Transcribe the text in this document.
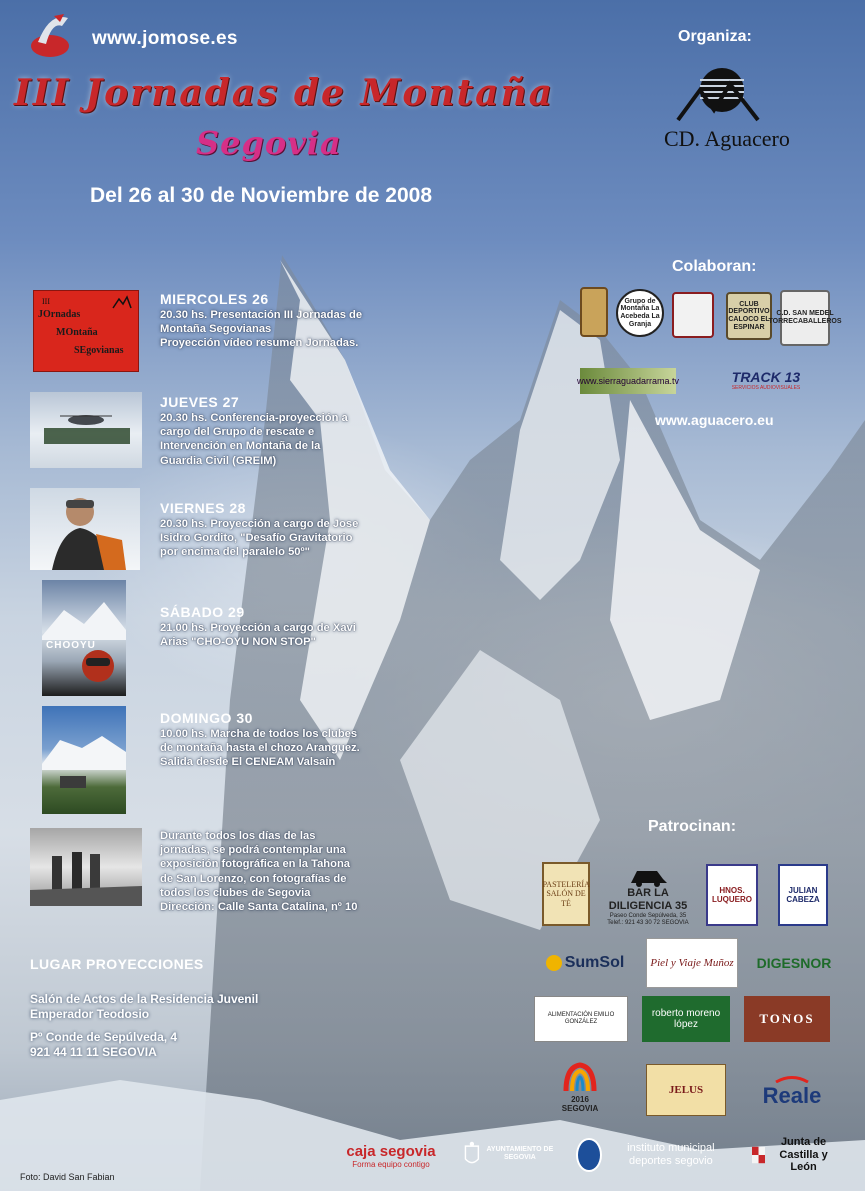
www.jomose.es
III Jornadas de Montaña
Segovia
Del 26 al 30 de Noviembre de 2008
Organiza:
CD. Aguacero
Colaboran:
Grupo de Montaña La Acebeda La Granja
CLUB DEPORTIVO CALOCO EL ESPINAR
C.D. SAN MEDEL TORRECABALLEROS
www.sierraguadarrama.tv	TRACK 13
SERVICIOS AUDIOVISUALES
www.aguacero.eu
III
JOrnadas
MOntaña
SEgovianas
MIERCOLES 26
20.30 hs. Presentación III Jornadas de
Montaña Segovianas
Proyección vídeo resumen Jornadas.
JUEVES 27
20.30 hs. Conferencia-proyección a
cargo del Grupo de rescate e
Intervención en Montaña de la
Guardia Civil (GREIM)
VIERNES 28
20.30 hs. Proyección a cargo de Jose
Isidro Gordito, "Desafío Gravitatorio
por encima del paralelo 50º"
CHOOYU
SÁBADO 29
21.00 hs. Proyección a cargo de Xavi
Arias "CHO-OYU NON STOP"
DOMINGO 30
10.00 hs. Marcha de todos los clubes
de montaña hasta el chozo Aranguez.
Salida desde El CENEAM Valsaín
Durante todos los días de las
jornadas, se podrá contemplar una
exposición fotográfica en la Tahona
de San Lorenzo, con fotografías de
todos los clubes de Segovia
Dirección: Calle Santa Catalina, nº 10
LUGAR PROYECCIONES
Salón de Actos de la Residencia Juvenil
Emperador Teodosio
Pº Conde de Sepúlveda, 4
921 44 11 11 SEGOVIA
Patrocinan:
PASTELERÍA SALÓN DE TÉ
BAR LA DILIGENCIA 35
Paseo Conde Sepúlveda, 35 Telef.: 921 43 30 72 SEGOVIA
HNOS. LUQUERO
JULIAN CABEZA
SumSol Piel y Viaje Muñoz DIGESNOR
ALIMENTACIÓN EMILIO GONZÁLEZ
roberto moreno lópez	TONOS
2016 SEGOVIA
JELUS	Reale
caja segovia
Forma equipo contigo
AYUNTAMIENTO DE SEGOVIA
instituto municipal deportes segovio
Junta de Castilla y León
Foto: David San Fabian
